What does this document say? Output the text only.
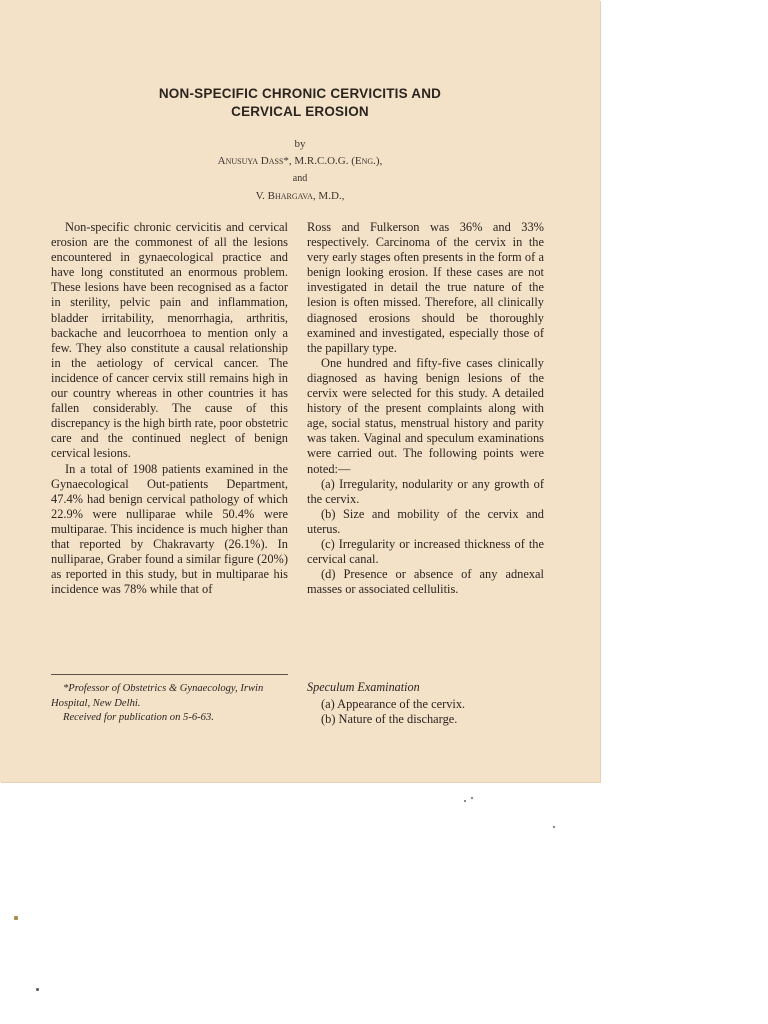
NON-SPECIFIC CHRONIC CERVICITIS AND
CERVICAL EROSION
by
Anusuya Dass*, M.R.C.O.G. (Eng.),
and
V. Bhargava, M.D.,

Non-specific chronic cervicitis and cervical erosion are the commonest of all the lesions encountered in gynaecological practice and have long constituted an enormous problem. These lesions have been recognised as a factor in sterility, pelvic pain and inflammation, bladder irritability, menorrhagia, arthritis, backache and leucorrhoea to mention only a few. They also constitute a causal relationship in the aetiology of cervical cancer. The incidence of cancer cervix still remains high in our country whereas in other countries it has fallen considerably. The cause of this discrepancy is the high birth rate, poor obstetric care and the continued neglect of benign cervical lesions.

In a total of 1908 patients examined in the Gynaecological Out-patients Department, 47.4% had benign cervical pathology of which 22.9% were nulliparae while 50.4% were multiparae. This incidence is much higher than that reported by Chakravarty (26.1%). In nulliparae, Graber found a similar figure (20%) as reported in this study, but in multiparae his incidence was 78% while that of

Ross and Fulkerson was 36% and 33% respectively. Carcinoma of the cervix in the very early stages often presents in the form of a benign looking erosion. If these cases are not investigated in detail the true nature of the lesion is often missed. Therefore, all clinically diagnosed erosions should be thoroughly examined and investigated, especially those of the papillary type.

One hundred and fifty-five cases clinically diagnosed as having benign lesions of the cervix were selected for this study. A detailed history of the present complaints along with age, social status, menstrual history and parity was taken. Vaginal and speculum examinations were carried out. The following points were noted:—

(a) Irregularity, nodularity or any growth of the cervix.

(b) Size and mobility of the cervix and uterus.

(c) Irregularity or increased thickness of the cervical canal.

(d) Presence or absence of any adnexal masses or associated cellulitis.

*Professor of Obstetrics & Gynaecology, Irwin Hospital, New Delhi.
Received for publication on 5-6-63.
Speculum Examination
(a) Appearance of the cervix.
(b) Nature of the discharge.
